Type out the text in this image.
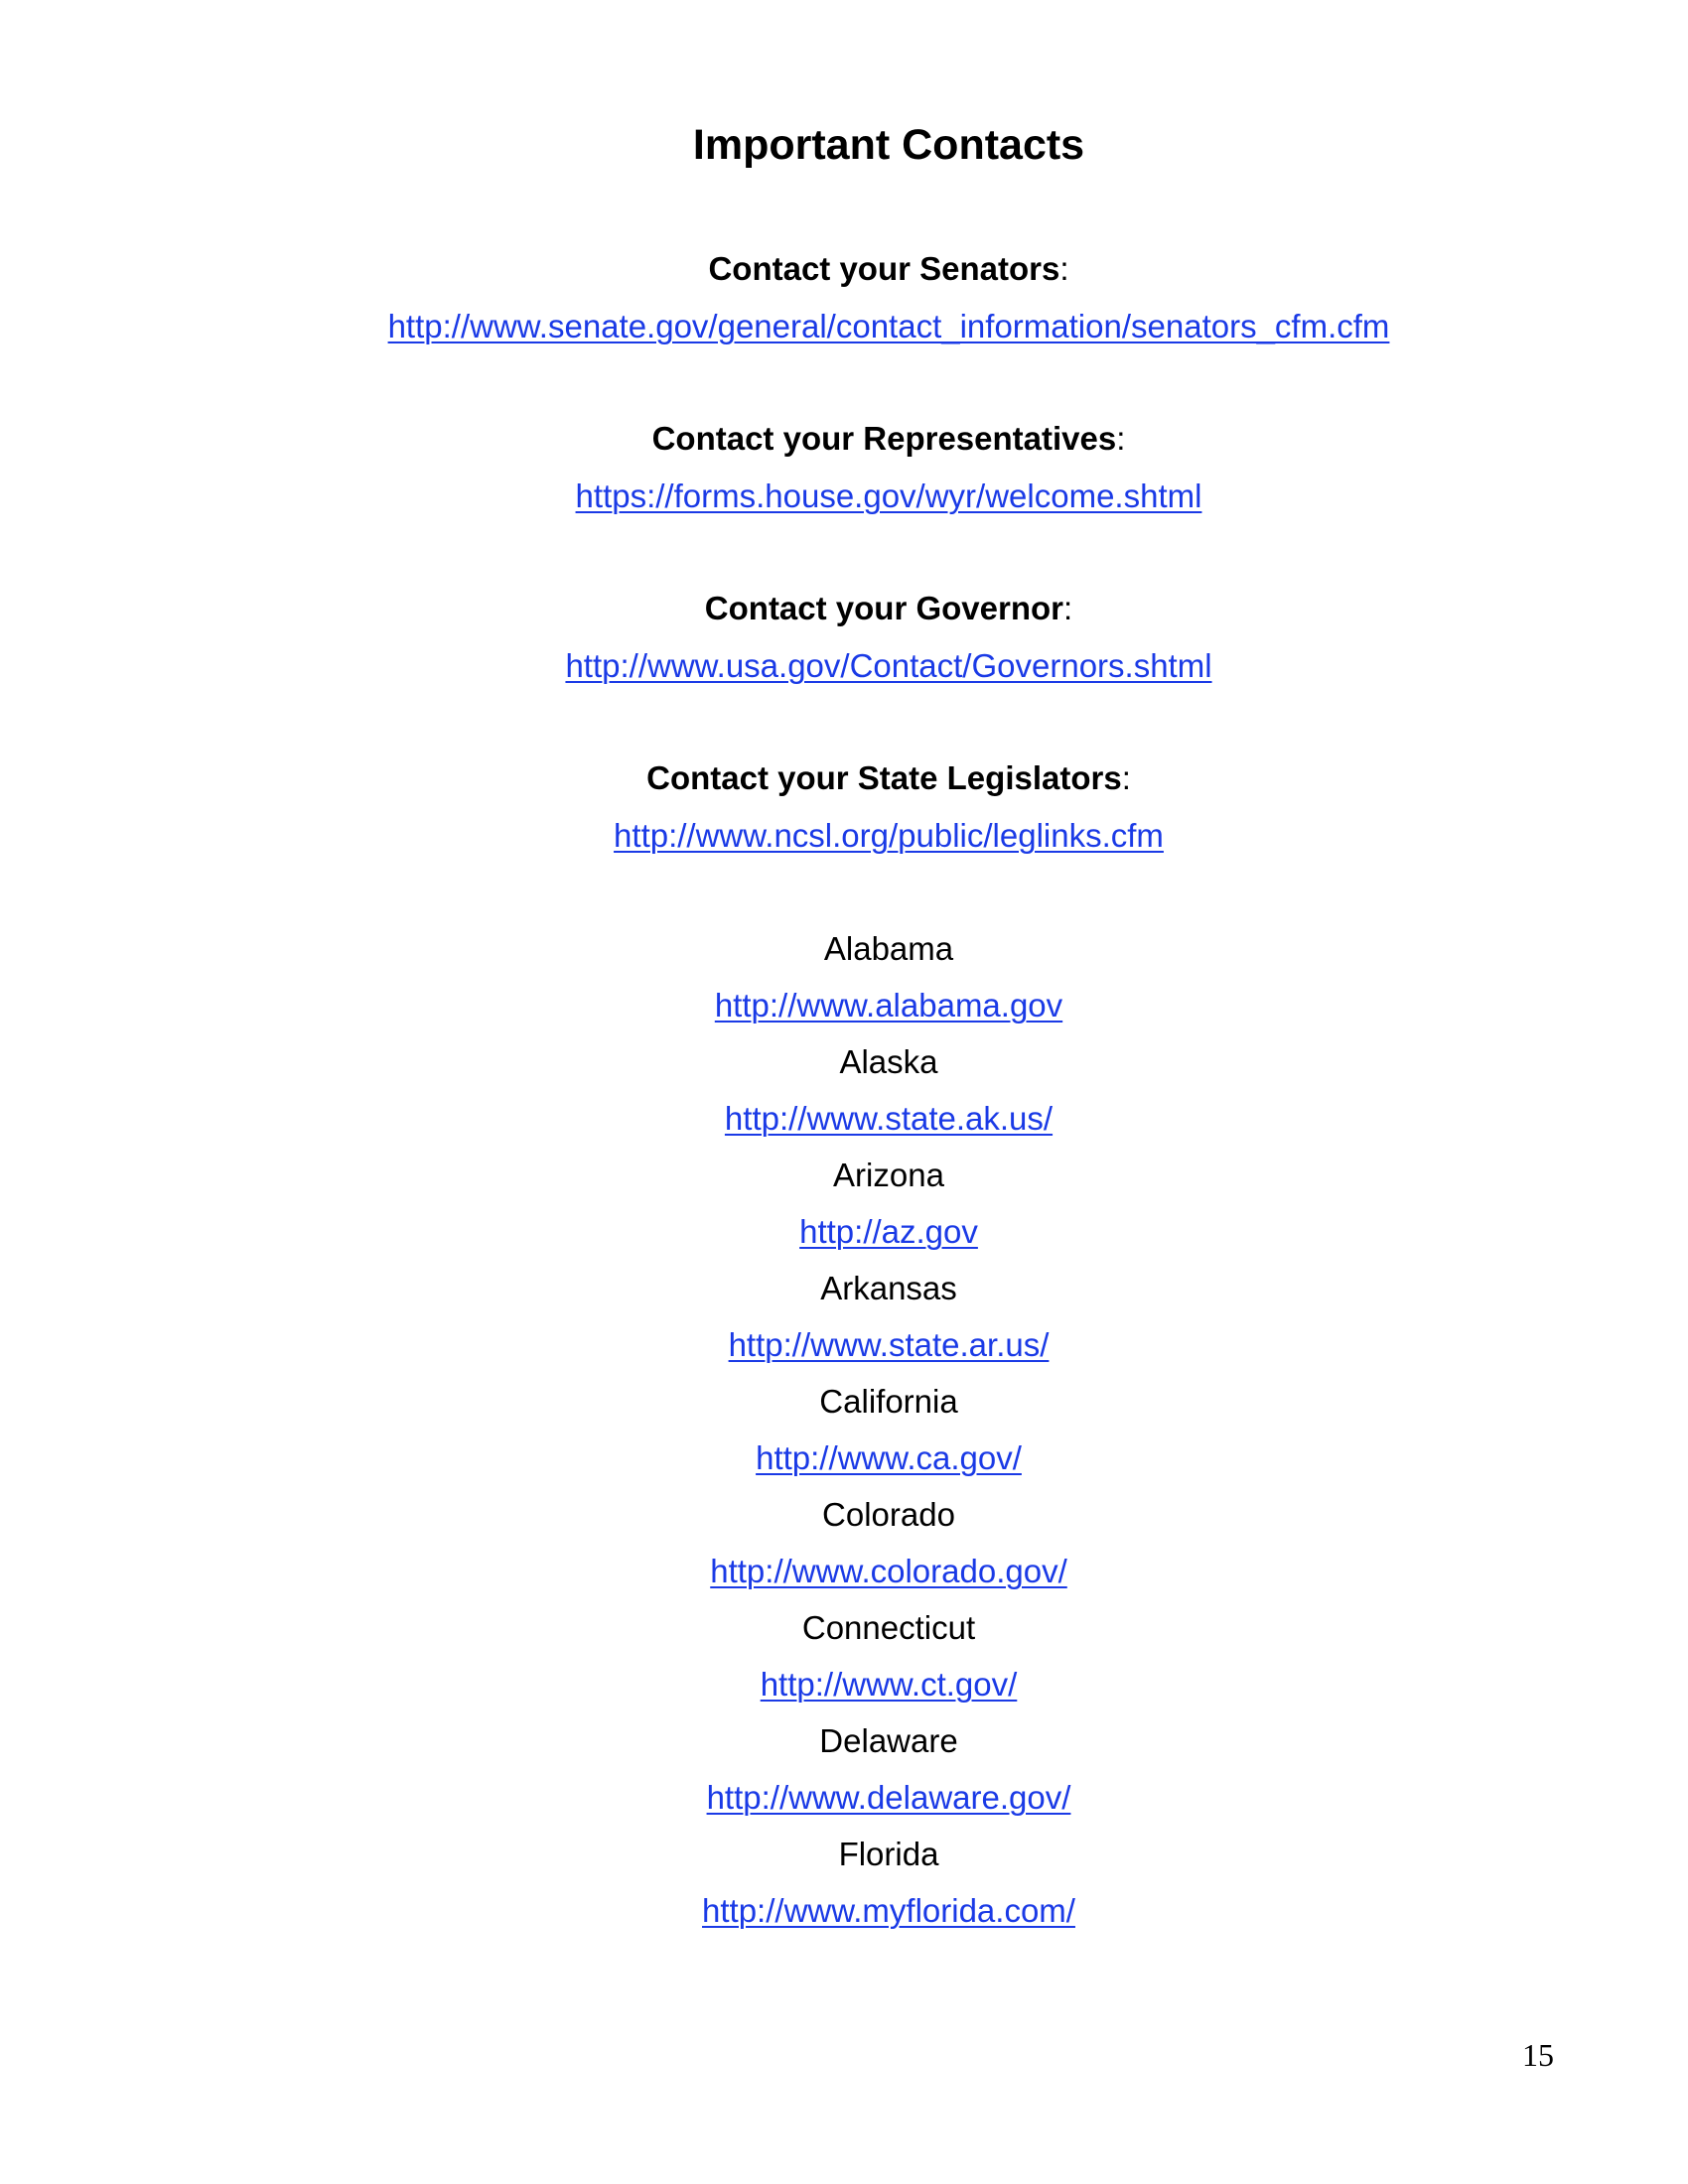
Important Contacts
Contact your Senators:
http://www.senate.gov/general/contact_information/senators_cfm.cfm
Contact your Representatives:
https://forms.house.gov/wyr/welcome.shtml
Contact your Governor:
http://www.usa.gov/Contact/Governors.shtml
Contact your State Legislators:
http://www.ncsl.org/public/leglinks.cfm
Alabama
http://www.alabama.gov
Alaska
http://www.state.ak.us/
Arizona
http://az.gov
Arkansas
http://www.state.ar.us/
California
http://www.ca.gov/
Colorado
http://www.colorado.gov/
Connecticut
http://www.ct.gov/
Delaware
http://www.delaware.gov/
Florida
http://www.myflorida.com/
15
